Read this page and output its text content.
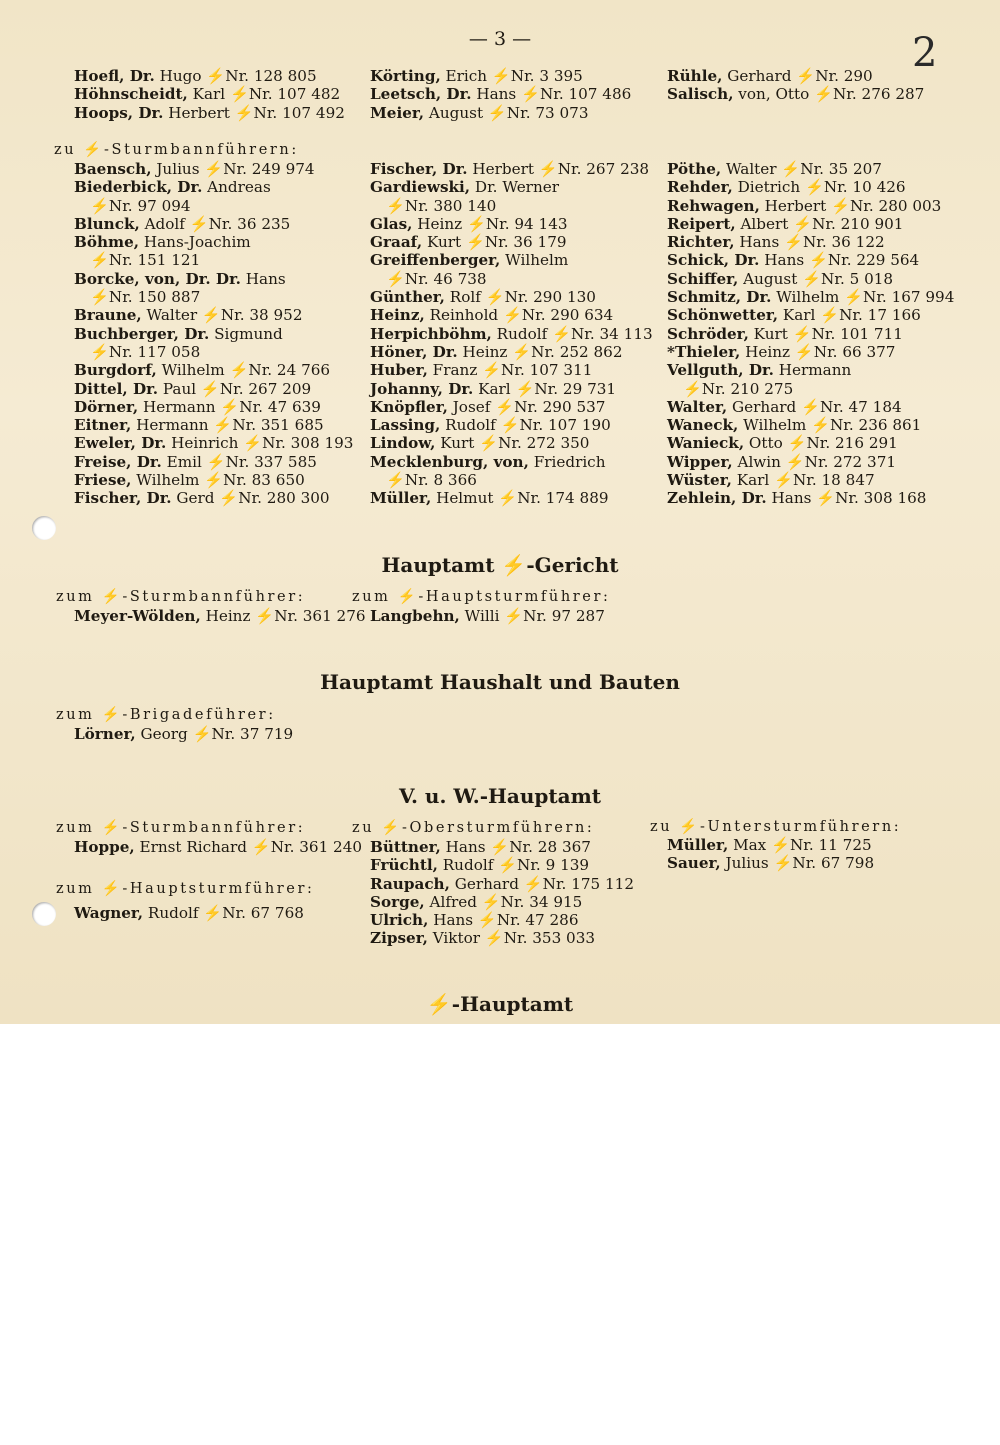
— 3 —	2
Hoefl, Dr. Hugo ⚡Nr. 128 805
Höhnscheidt, Karl ⚡Nr. 107 482
Hoops, Dr. Herbert ⚡Nr. 107 492
Körting, Erich ⚡Nr. 3 395
Leetsch, Dr. Hans ⚡Nr. 107 486
Meier, August ⚡Nr. 73 073
Rühle, Gerhard ⚡Nr. 290
Salisch, von, Otto ⚡Nr. 276 287
zu ⚡-Sturmbannführern:
Baensch, Julius ⚡Nr. 249 974
Biederbick, Dr. Andreas
⚡Nr. 97 094
Blunck, Adolf ⚡Nr. 36 235
Böhme, Hans-Joachim
⚡Nr. 151 121
Borcke, von, Dr. Dr. Hans
⚡Nr. 150 887
Braune, Walter ⚡Nr. 38 952
Buchberger, Dr. Sigmund
⚡Nr. 117 058
Burgdorf, Wilhelm ⚡Nr. 24 766
Dittel, Dr. Paul ⚡Nr. 267 209
Dörner, Hermann ⚡Nr. 47 639
Eitner, Hermann ⚡Nr. 351 685
Eweler, Dr. Heinrich ⚡Nr. 308 193
Freise, Dr. Emil ⚡Nr. 337 585
Friese, Wilhelm ⚡Nr. 83 650
Fischer, Dr. Gerd ⚡Nr. 280 300
Fischer, Dr. Herbert ⚡Nr. 267 238
Gardiewski, Dr. Werner
⚡Nr. 380 140
Glas, Heinz ⚡Nr. 94 143
Graaf, Kurt ⚡Nr. 36 179
Greiffenberger, Wilhelm
⚡Nr. 46 738
Günther, Rolf ⚡Nr. 290 130
Heinz, Reinhold ⚡Nr. 290 634
Herpichböhm, Rudolf ⚡Nr. 34 113
Höner, Dr. Heinz ⚡Nr. 252 862
Huber, Franz ⚡Nr. 107 311
Johanny, Dr. Karl ⚡Nr. 29 731
Knöpfler, Josef ⚡Nr. 290 537
Lassing, Rudolf ⚡Nr. 107 190
Lindow, Kurt ⚡Nr. 272 350
Mecklenburg, von, Friedrich
⚡Nr. 8 366
Müller, Helmut ⚡Nr. 174 889
Pöthe, Walter ⚡Nr. 35 207
Rehder, Dietrich ⚡Nr. 10 426
Rehwagen, Herbert ⚡Nr. 280 003
Reipert, Albert ⚡Nr. 210 901
Richter, Hans ⚡Nr. 36 122
Schick, Dr. Hans ⚡Nr. 229 564
Schiffer, August ⚡Nr. 5 018
Schmitz, Dr. Wilhelm ⚡Nr. 167 994
Schönwetter, Karl ⚡Nr. 17 166
Schröder, Kurt ⚡Nr. 101 711
*Thieler, Heinz ⚡Nr. 66 377
Vellguth, Dr. Hermann
⚡Nr. 210 275
Walter, Gerhard ⚡Nr. 47 184
Waneck, Wilhelm ⚡Nr. 236 861
Wanieck, Otto ⚡Nr. 216 291
Wipper, Alwin ⚡Nr. 272 371
Wüster, Karl ⚡Nr. 18 847
Zehlein, Dr. Hans ⚡Nr. 308 168
Hauptamt ⚡-Gericht
zum ⚡-Sturmbannführer:
Meyer-Wölden, Heinz ⚡Nr. 361 276
zum ⚡-Hauptsturmführer:
Langbehn, Willi ⚡Nr. 97 287
Hauptamt Haushalt und Bauten
zum ⚡-Brigadeführer:
Lörner, Georg ⚡Nr. 37 719
V. u. W.-Hauptamt
zum ⚡-Sturmbannführer:
Hoppe, Ernst Richard ⚡Nr. 361 240
zum ⚡-Hauptsturmführer:
Wagner, Rudolf ⚡Nr. 67 768
zu ⚡-Obersturmführern:
Büttner, Hans ⚡Nr. 28 367
Früchtl, Rudolf ⚡Nr. 9 139
Raupach, Gerhard ⚡Nr. 175 112
Sorge, Alfred ⚡Nr. 34 915
Ulrich, Hans ⚡Nr. 47 286
Zipser, Viktor ⚡Nr. 353 033
zu ⚡-Untersturmführern:
Müller, Max ⚡Nr. 11 725
Sauer, Julius ⚡Nr. 67 798
⚡-Hauptamt
